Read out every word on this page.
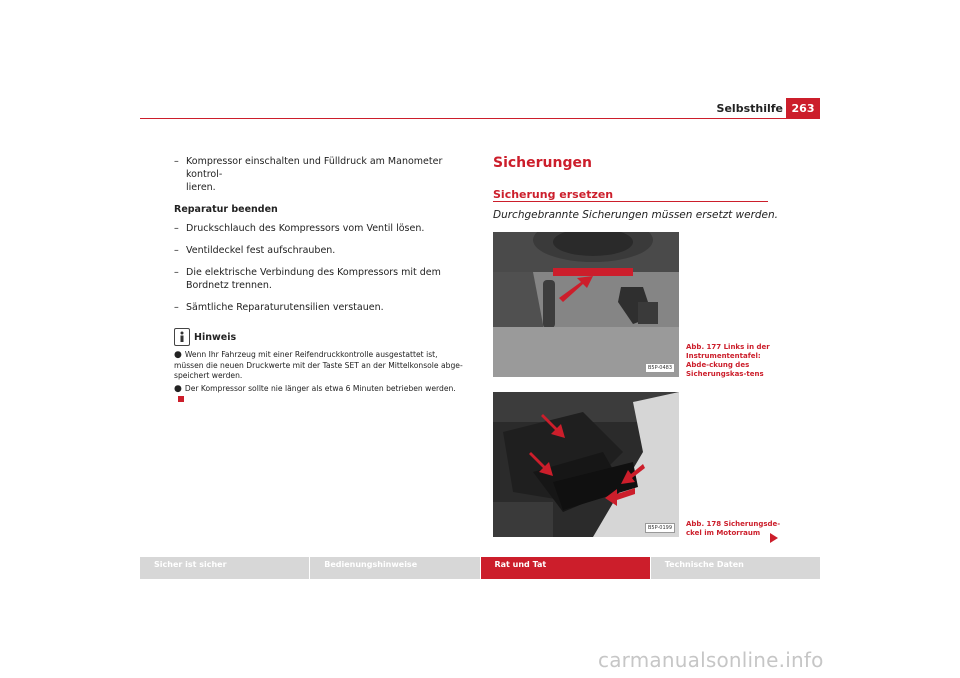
Selbsthilfe 263
– Kompressor einschalten und Fülldruck am Manometer kontrol-
lieren.
Reparatur beenden
– Druckschlauch des Kompressors vom Ventil lösen.
– Ventildeckel fest aufschrauben.
– Die elektrische Verbindung des Kompressors mit dem Bordnetz trennen.
– Sämtliche Reparaturutensilien verstauen.
Hinweis
● Wenn Ihr Fahrzeug mit einer Reifendruckkontrolle ausgestattet ist, müssen die neuen Druckwerte mit der Taste SET an der Mittelkonsole abge-speichert werden.
● Der Kompressor sollte nie länger als etwa 6 Minuten betrieben werden.
Sicherungen
Sicherung ersetzen
Durchgebrannte Sicherungen müssen ersetzt werden.
B5P-0483
Abb. 177 Links in der Instrumententafel: Abde-ckung des Sicherungskas-tens
B5P-0199	Abb. 178 Sicherungsde-ckel im Motorraum
Sicher ist sicher	Bedienungshinweise	Rat und Tat	Technische Daten
carmanualsonline.info
